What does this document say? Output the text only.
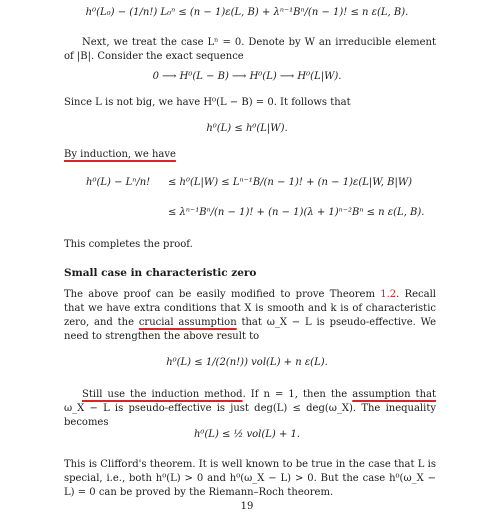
h⁰(L₀) − (1/n!) L₀ⁿ ≤ (n − 1)ε(L, B) + λⁿ⁻¹Bⁿ/(n − 1)! ≤ n ε(L, B).

Next, we treat the case Lⁿ = 0. Denote by W an irreducible element of |B|. Consider the exact sequence

0 ⟶ H⁰(L − B) ⟶ H⁰(L) ⟶ H⁰(L|W).

Since L is not big, we have H⁰(L − B) = 0. It follows that

h⁰(L) ≤ h⁰(L|W).

By induction, we have

h⁰(L) − Lⁿ/n! ≤ h⁰(L|W) ≤ Lⁿ⁻¹B/(n − 1)! + (n − 1)ε(L|W, B|W)
≤ λⁿ⁻¹Bⁿ/(n − 1)! + (n − 1)(λ + 1)ⁿ⁻²Bⁿ ≤ n ε(L, B).

This completes the proof.

Small case in characteristic zero

The above proof can be easily modified to prove Theorem 1.2. Recall that we have extra conditions that X is smooth and k is of characteristic zero, and the crucial assumption that ω_X − L is pseudo-effective. We need to strengthen the above result to

h⁰(L) ≤ 1/(2(n!)) vol(L) + n ε(L).

Still use the induction method. If n = 1, then the assumption that ω_X − L is pseudo-effective is just deg(L) ≤ deg(ω_X). The inequality becomes

h⁰(L) ≤ ½ vol(L) + 1.

This is Clifford's theorem. It is well known to be true in the case that L is special, i.e., both h⁰(L) > 0 and h⁰(ω_X − L) > 0. But the case h⁰(ω_X − L) = 0 can be proved by the Riemann–Roch theorem.

19
